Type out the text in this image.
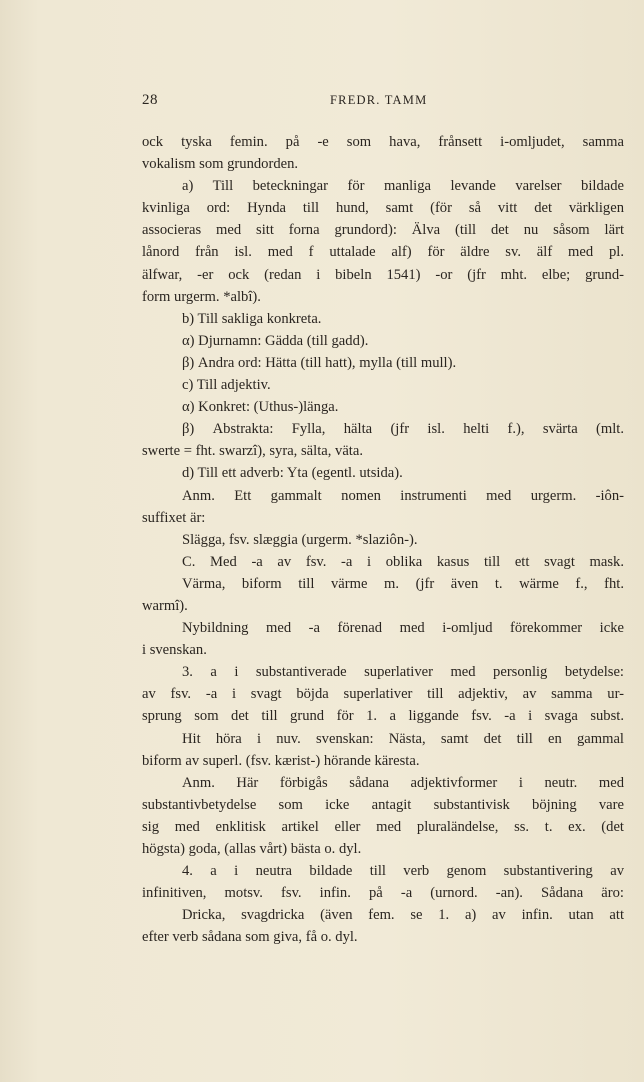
28	FREDR. TAMM
ock tyska femin. på -e som hava, frånsett i-omljudet, samma
vokalism som grundorden.
a) Till beteckningar för manliga levande varelser bildade
kvinliga ord: Hynda till hund, samt (för så vitt det värkligen
associeras med sitt forna grundord): Älva (till det nu såsom lärt
lånord från isl. med f uttalade alf) för äldre sv. älf med pl.
älfwar, -er ock (redan i bibeln 1541) -or (jfr mht. elbe; grund-
form urgerm. *albî).
b) Till sakliga konkreta.
α) Djurnamn: Gädda (till gadd).
β) Andra ord: Hätta (till hatt), mylla (till mull).
c) Till adjektiv.
α) Konkret: (Uthus-)länga.
β) Abstrakta: Fylla, hälta (jfr isl. helti f.), svärta (mlt.
swerte = fht. swarzî), syra, sälta, väta.
d) Till ett adverb: Yta (egentl. utsida).
Anm. Ett gammalt nomen instrumenti med urgerm. -iôn-
suffixet är:
Slägga, fsv. slæggia (urgerm. *slaziôn-).
C. Med -a av fsv. -a i oblika kasus till ett svagt mask.
Värma, biform till värme m. (jfr även t. wärme f., fht.
warmî).
Nybildning med -a förenad med i-omljud förekommer icke
i svenskan.
3. a i substantiverade superlativer med personlig betydelse:
av fsv. -a i svagt böjda superlativer till adjektiv, av samma ur-
sprung som det till grund för 1. a liggande fsv. -a i svaga subst.
Hit höra i nuv. svenskan: Nästa, samt det till en gammal
biform av superl. (fsv. kærist-) hörande käresta.
Anm. Här förbigås sådana adjektivformer i neutr. med
substantivbetydelse som icke antagit substantivisk böjning vare
sig med enklitisk artikel eller med pluraländelse, ss. t. ex. (det
högsta) goda, (allas vårt) bästa o. dyl.
4. a i neutra bildade till verb genom substantivering av
infinitiven, motsv. fsv. infin. på -a (urnord. -an). Sådana äro:
Dricka, svagdricka (även fem. se 1. a) av infin. utan att
efter verb sådana som giva, få o. dyl.
